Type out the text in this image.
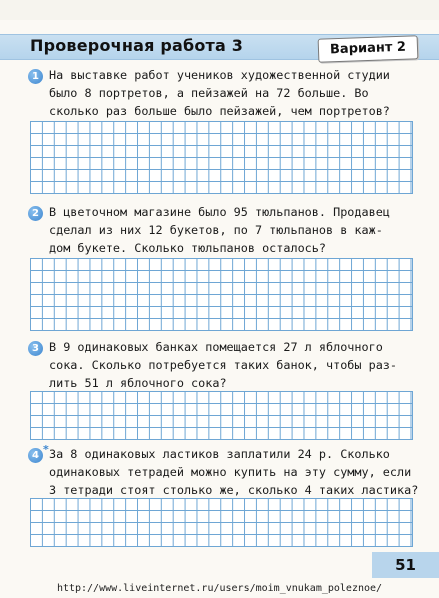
Проверочная работа 3	Вариант 2
1 На выставке работ учеников художественной студии
было 8 портретов, а пейзажей на 72 больше. Во
сколько раз больше было пейзажей, чем портретов?
2 В цветочном магазине было 95 тюльпанов. Продавец
сделал из них 12 букетов, по 7 тюльпанов в каж-
дом букете. Сколько тюльпанов осталось?
3 В 9 одинаковых банках помещается 27 л яблочного
сока. Сколько потребуется таких банок, чтобы раз-
лить 51 л яблочного сока?
4 * За 8 одинаковых ластиков заплатили 24 р. Сколько
одинаковых тетрадей можно купить на эту сумму, если
3 тетради стоят столько же, сколько 4 таких ластика?
51
http://www.liveinternet.ru/users/moim_vnukam_poleznoe/
